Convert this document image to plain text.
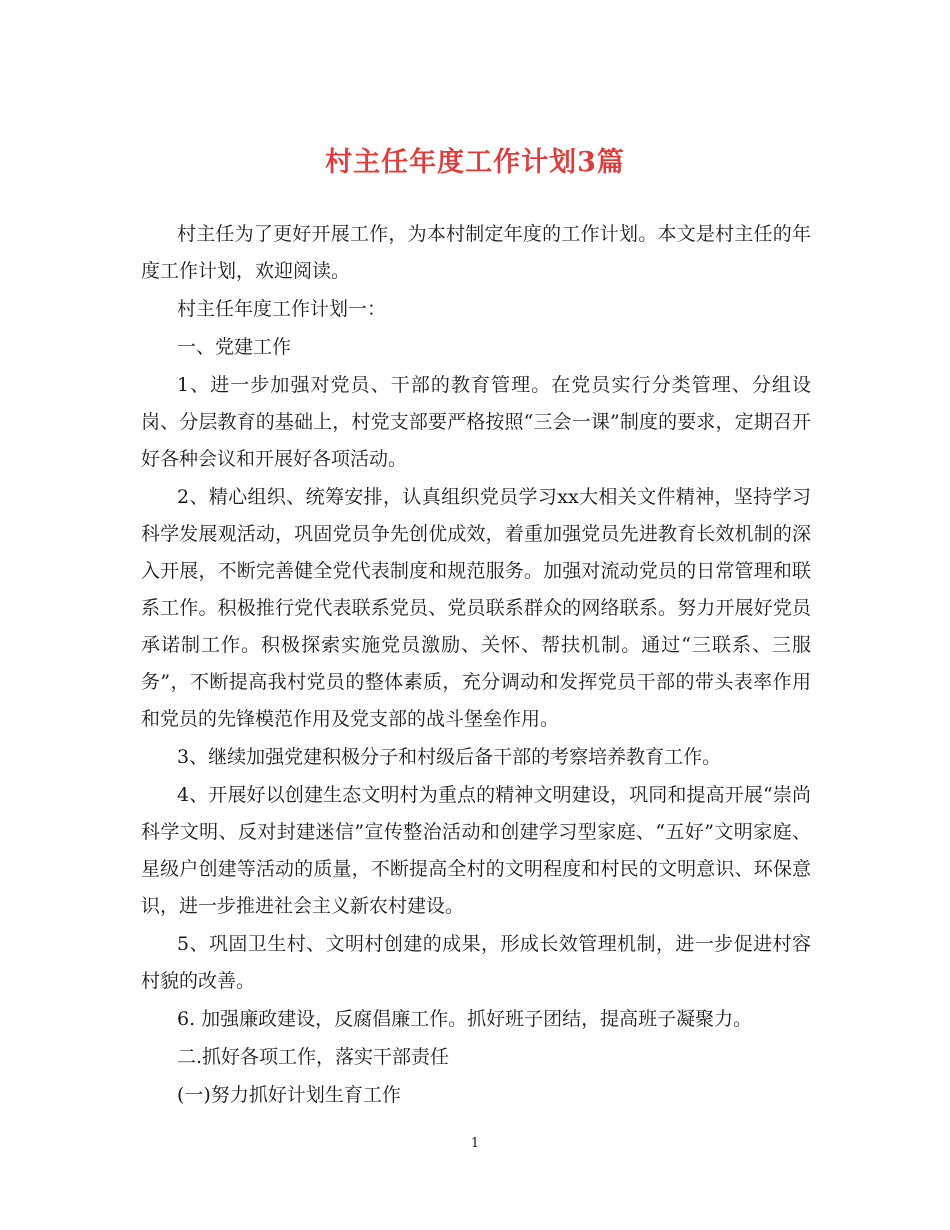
村主任年度工作计划3篇

村主任为了更好开展工作，为本村制定年度的工作计划。本文是村主任的年度工作计划，欢迎阅读。

村主任年度工作计划一：

一、党建工作

1、进一步加强对党员、干部的教育管理。在党员实行分类管理、分组设岗、分层教育的基础上，村党支部要严格按照“三会一课”制度的要求，定期召开好各种会议和开展好各项活动。

2、精心组织、统筹安排，认真组织党员学习xx大相关文件精神，坚持学习科学发展观活动，巩固党员争先创优成效，着重加强党员先进教育长效机制的深入开展，不断完善健全党代表制度和规范服务。加强对流动党员的日常管理和联系工作。积极推行党代表联系党员、党员联系群众的网络联系。努力开展好党员承诺制工作。积极探索实施党员激励、关怀、帮扶机制。通过“三联系、三服务”，不断提高我村党员的整体素质，充分调动和发挥党员干部的带头表率作用和党员的先锋模范作用及党支部的战斗堡垒作用。

3、继续加强党建积极分子和村级后备干部的考察培养教育工作。

4、开展好以创建生态文明村为重点的精神文明建设，巩同和提高开展“崇尚科学文明、反对封建迷信”宣传整治活动和创建学习型家庭、“五好”文明家庭、星级户创建等活动的质量，不断提高全村的文明程度和村民的文明意识、环保意识，进一步推进社会主义新农村建设。

5、巩固卫生村、文明村创建的成果，形成长效管理机制，进一步促进村容村貌的改善。

6. 加强廉政建设，反腐倡廉工作。抓好班子团结，提高班子凝聚力。

二.抓好各项工作，落实干部责任

(一)努力抓好计划生育工作

1
